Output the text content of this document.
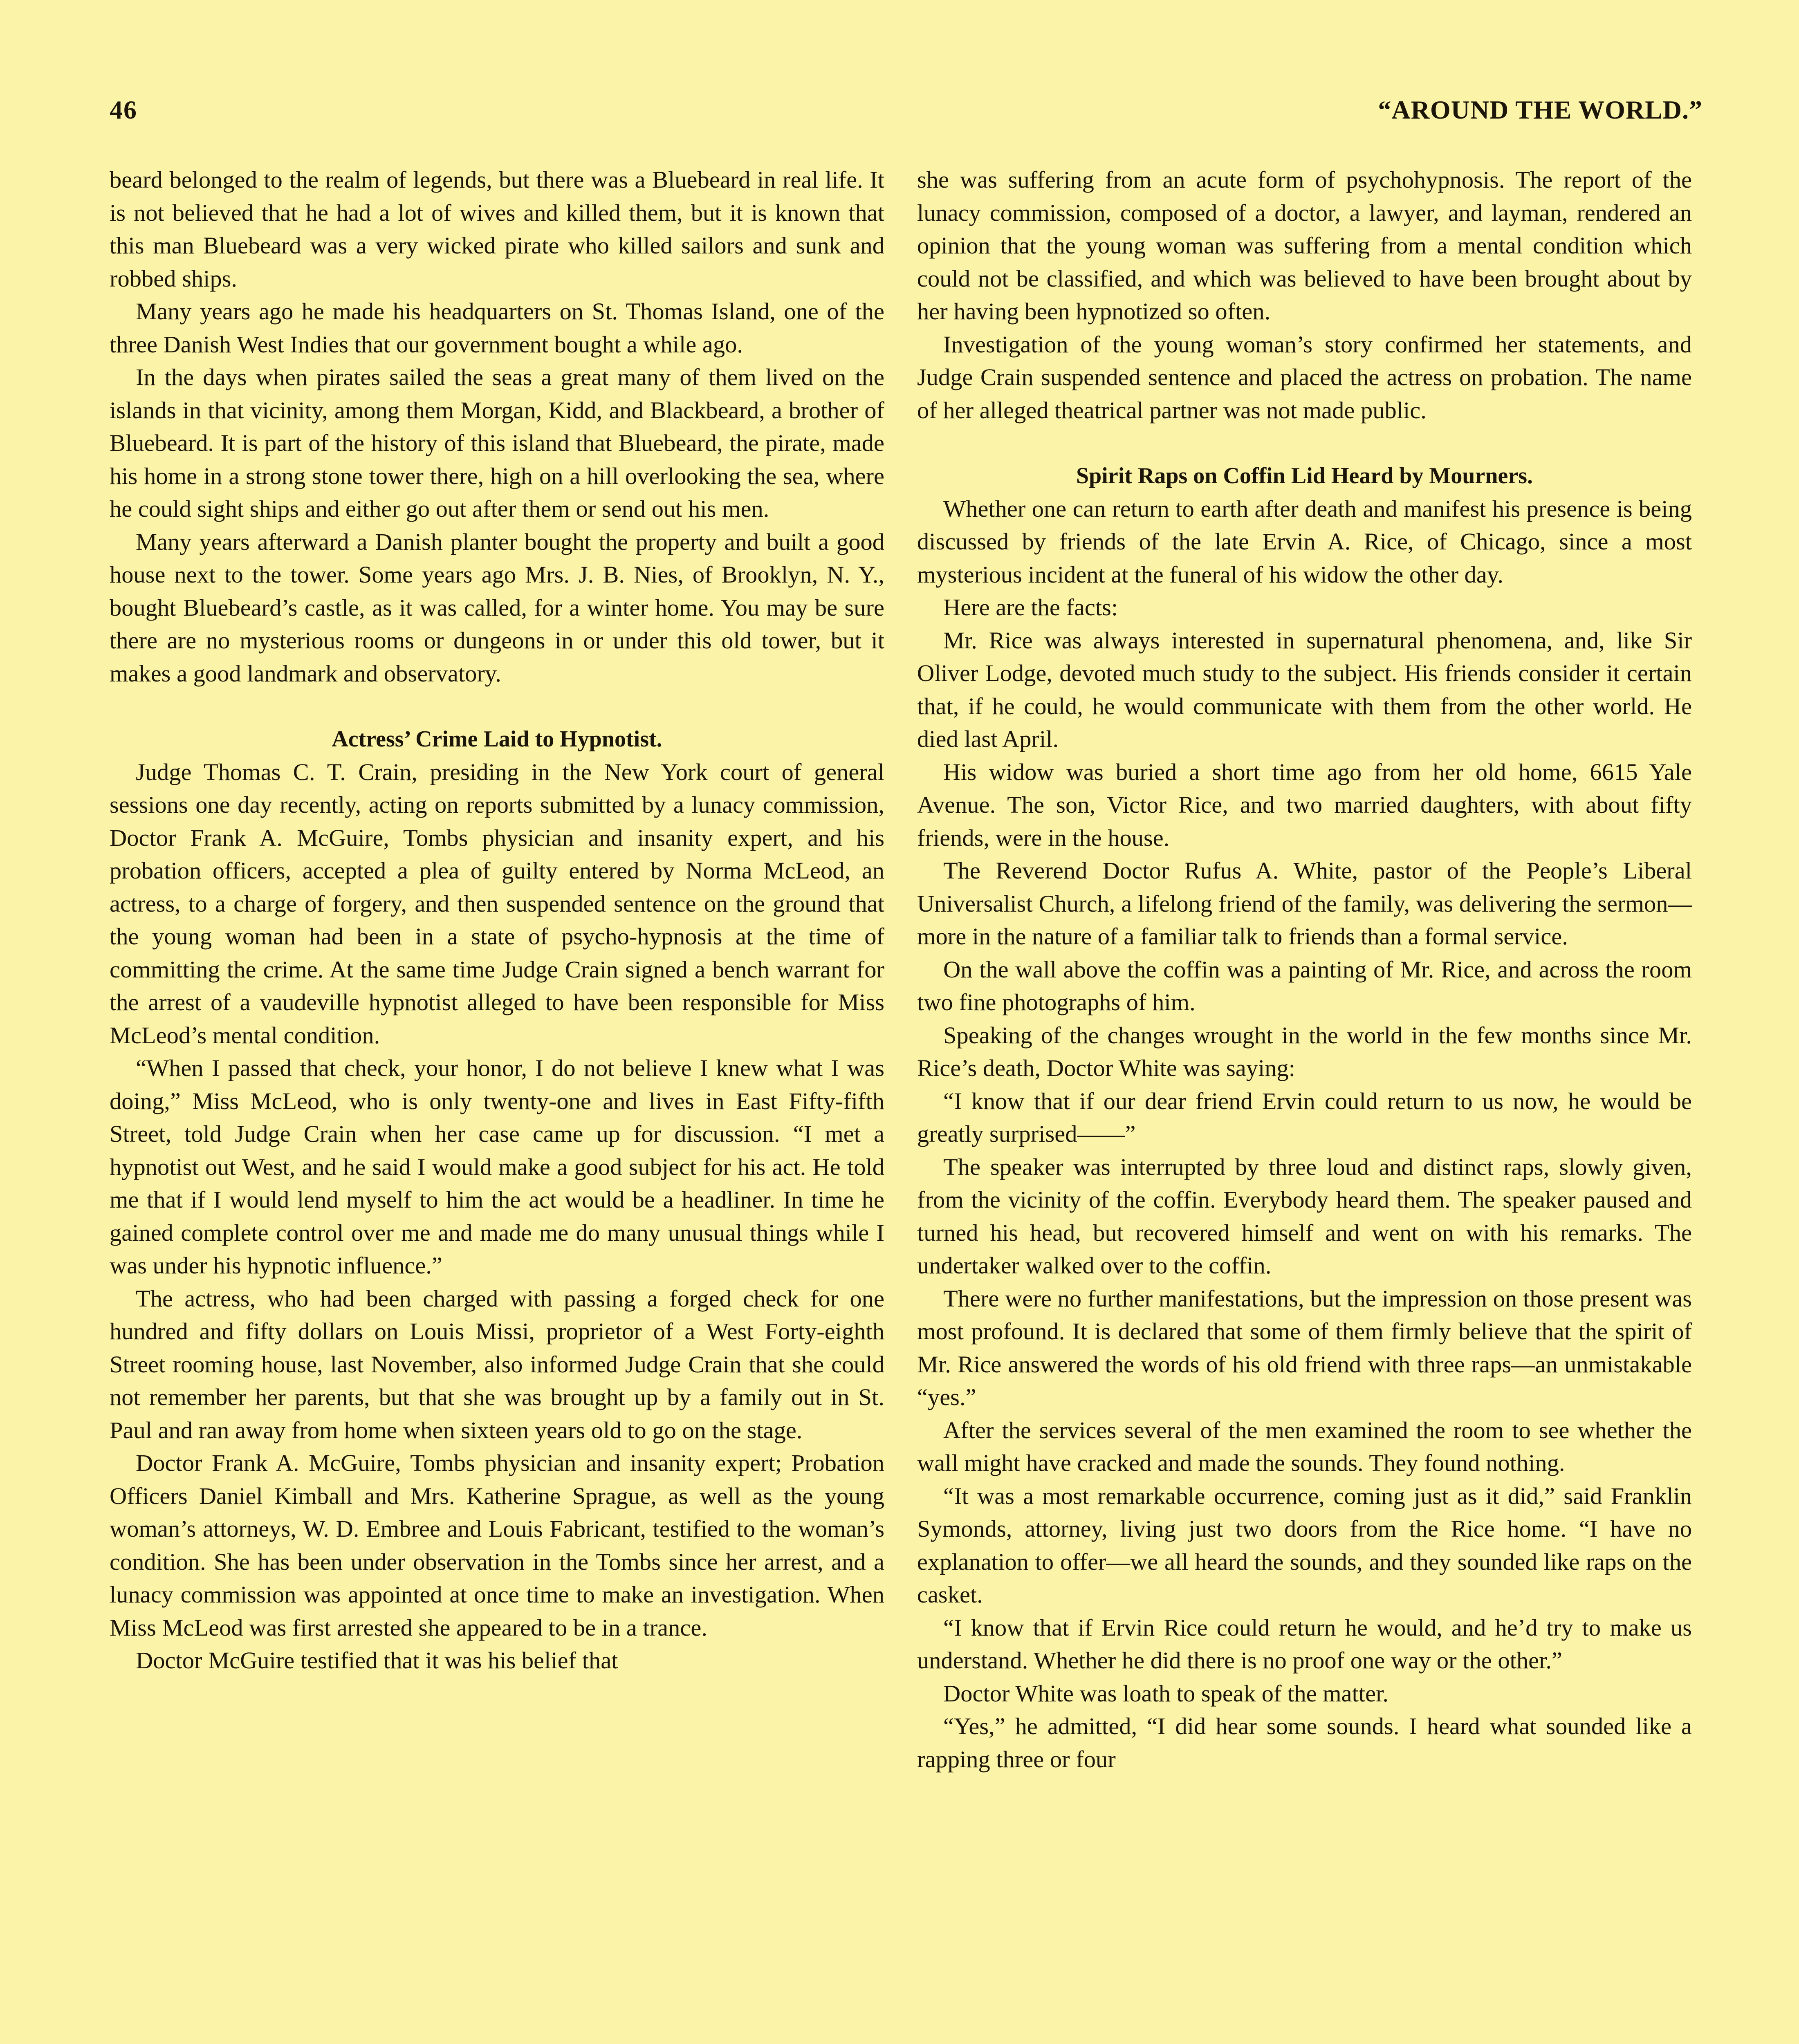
46	“AROUND THE WORLD.”

beard belonged to the realm of legends, but there was a Bluebeard in real life. It is not believed that he had a lot of wives and killed them, but it is known that this man Bluebeard was a very wicked pirate who killed sailors and sunk and robbed ships.

Many years ago he made his headquarters on St. Thomas Island, one of the three Danish West Indies that our government bought a while ago.

In the days when pirates sailed the seas a great many of them lived on the islands in that vicinity, among them Morgan, Kidd, and Blackbeard, a brother of Bluebeard. It is part of the history of this island that Bluebeard, the pirate, made his home in a strong stone tower there, high on a hill overlooking the sea, where he could sight ships and either go out after them or send out his men.

Many years afterward a Danish planter bought the property and built a good house next to the tower. Some years ago Mrs. J. B. Nies, of Brooklyn, N. Y., bought Bluebeard’s castle, as it was called, for a winter home. You may be sure there are no mysterious rooms or dungeons in or under this old tower, but it makes a good landmark and observatory.

Actress’ Crime Laid to Hypnotist.

Judge Thomas C. T. Crain, presiding in the New York court of general sessions one day recently, acting on reports submitted by a lunacy commission, Doctor Frank A. McGuire, Tombs physician and insanity expert, and his probation officers, accepted a plea of guilty entered by Norma McLeod, an actress, to a charge of forgery, and then suspended sentence on the ground that the young woman had been in a state of psycho-hypnosis at the time of committing the crime. At the same time Judge Crain signed a bench warrant for the arrest of a vaudeville hypnotist alleged to have been responsible for Miss McLeod’s mental condition.

“When I passed that check, your honor, I do not believe I knew what I was doing,” Miss McLeod, who is only twenty-one and lives in East Fifty-fifth Street, told Judge Crain when her case came up for discussion. “I met a hypnotist out West, and he said I would make a good subject for his act. He told me that if I would lend myself to him the act would be a headliner. In time he gained complete control over me and made me do many unusual things while I was under his hypnotic influence.”

The actress, who had been charged with passing a forged check for one hundred and fifty dollars on Louis Missi, proprietor of a West Forty-eighth Street rooming house, last November, also informed Judge Crain that she could not remember her parents, but that she was brought up by a family out in St. Paul and ran away from home when sixteen years old to go on the stage.

Doctor Frank A. McGuire, Tombs physician and insanity expert; Probation Officers Daniel Kimball and Mrs. Katherine Sprague, as well as the young woman’s attorneys, W. D. Embree and Louis Fabricant, testified to the woman’s condition. She has been under observation in the Tombs since her arrest, and a lunacy commission was appointed at once time to make an investigation. When Miss McLeod was first arrested she appeared to be in a trance.

Doctor McGuire testified that it was his belief that

she was suffering from an acute form of psychohypnosis. The report of the lunacy commission, composed of a doctor, a lawyer, and layman, rendered an opinion that the young woman was suffering from a mental condition which could not be classified, and which was believed to have been brought about by her having been hypnotized so often.

Investigation of the young woman’s story confirmed her statements, and Judge Crain suspended sentence and placed the actress on probation. The name of her alleged theatrical partner was not made public.

Spirit Raps on Coffin Lid Heard by Mourners.

Whether one can return to earth after death and manifest his presence is being discussed by friends of the late Ervin A. Rice, of Chicago, since a most mysterious incident at the funeral of his widow the other day.

Here are the facts:

Mr. Rice was always interested in supernatural phenomena, and, like Sir Oliver Lodge, devoted much study to the subject. His friends consider it certain that, if he could, he would communicate with them from the other world. He died last April.

His widow was buried a short time ago from her old home, 6615 Yale Avenue. The son, Victor Rice, and two married daughters, with about fifty friends, were in the house.

The Reverend Doctor Rufus A. White, pastor of the People’s Liberal Universalist Church, a lifelong friend of the family, was delivering the sermon—more in the nature of a familiar talk to friends than a formal service.

On the wall above the coffin was a painting of Mr. Rice, and across the room two fine photographs of him.

Speaking of the changes wrought in the world in the few months since Mr. Rice’s death, Doctor White was saying:

“I know that if our dear friend Ervin could return to us now, he would be greatly surprised——”

The speaker was interrupted by three loud and distinct raps, slowly given, from the vicinity of the coffin. Everybody heard them. The speaker paused and turned his head, but recovered himself and went on with his remarks. The undertaker walked over to the coffin.

There were no further manifestations, but the impression on those present was most profound. It is declared that some of them firmly believe that the spirit of Mr. Rice answered the words of his old friend with three raps—an unmistakable “yes.”

After the services several of the men examined the room to see whether the wall might have cracked and made the sounds. They found nothing.

“It was a most remarkable occurrence, coming just as it did,” said Franklin Symonds, attorney, living just two doors from the Rice home. “I have no explanation to offer—we all heard the sounds, and they sounded like raps on the casket.

“I know that if Ervin Rice could return he would, and he’d try to make us understand. Whether he did there is no proof one way or the other.”

Doctor White was loath to speak of the matter.

“Yes,” he admitted, “I did hear some sounds. I heard what sounded like a rapping three or four
